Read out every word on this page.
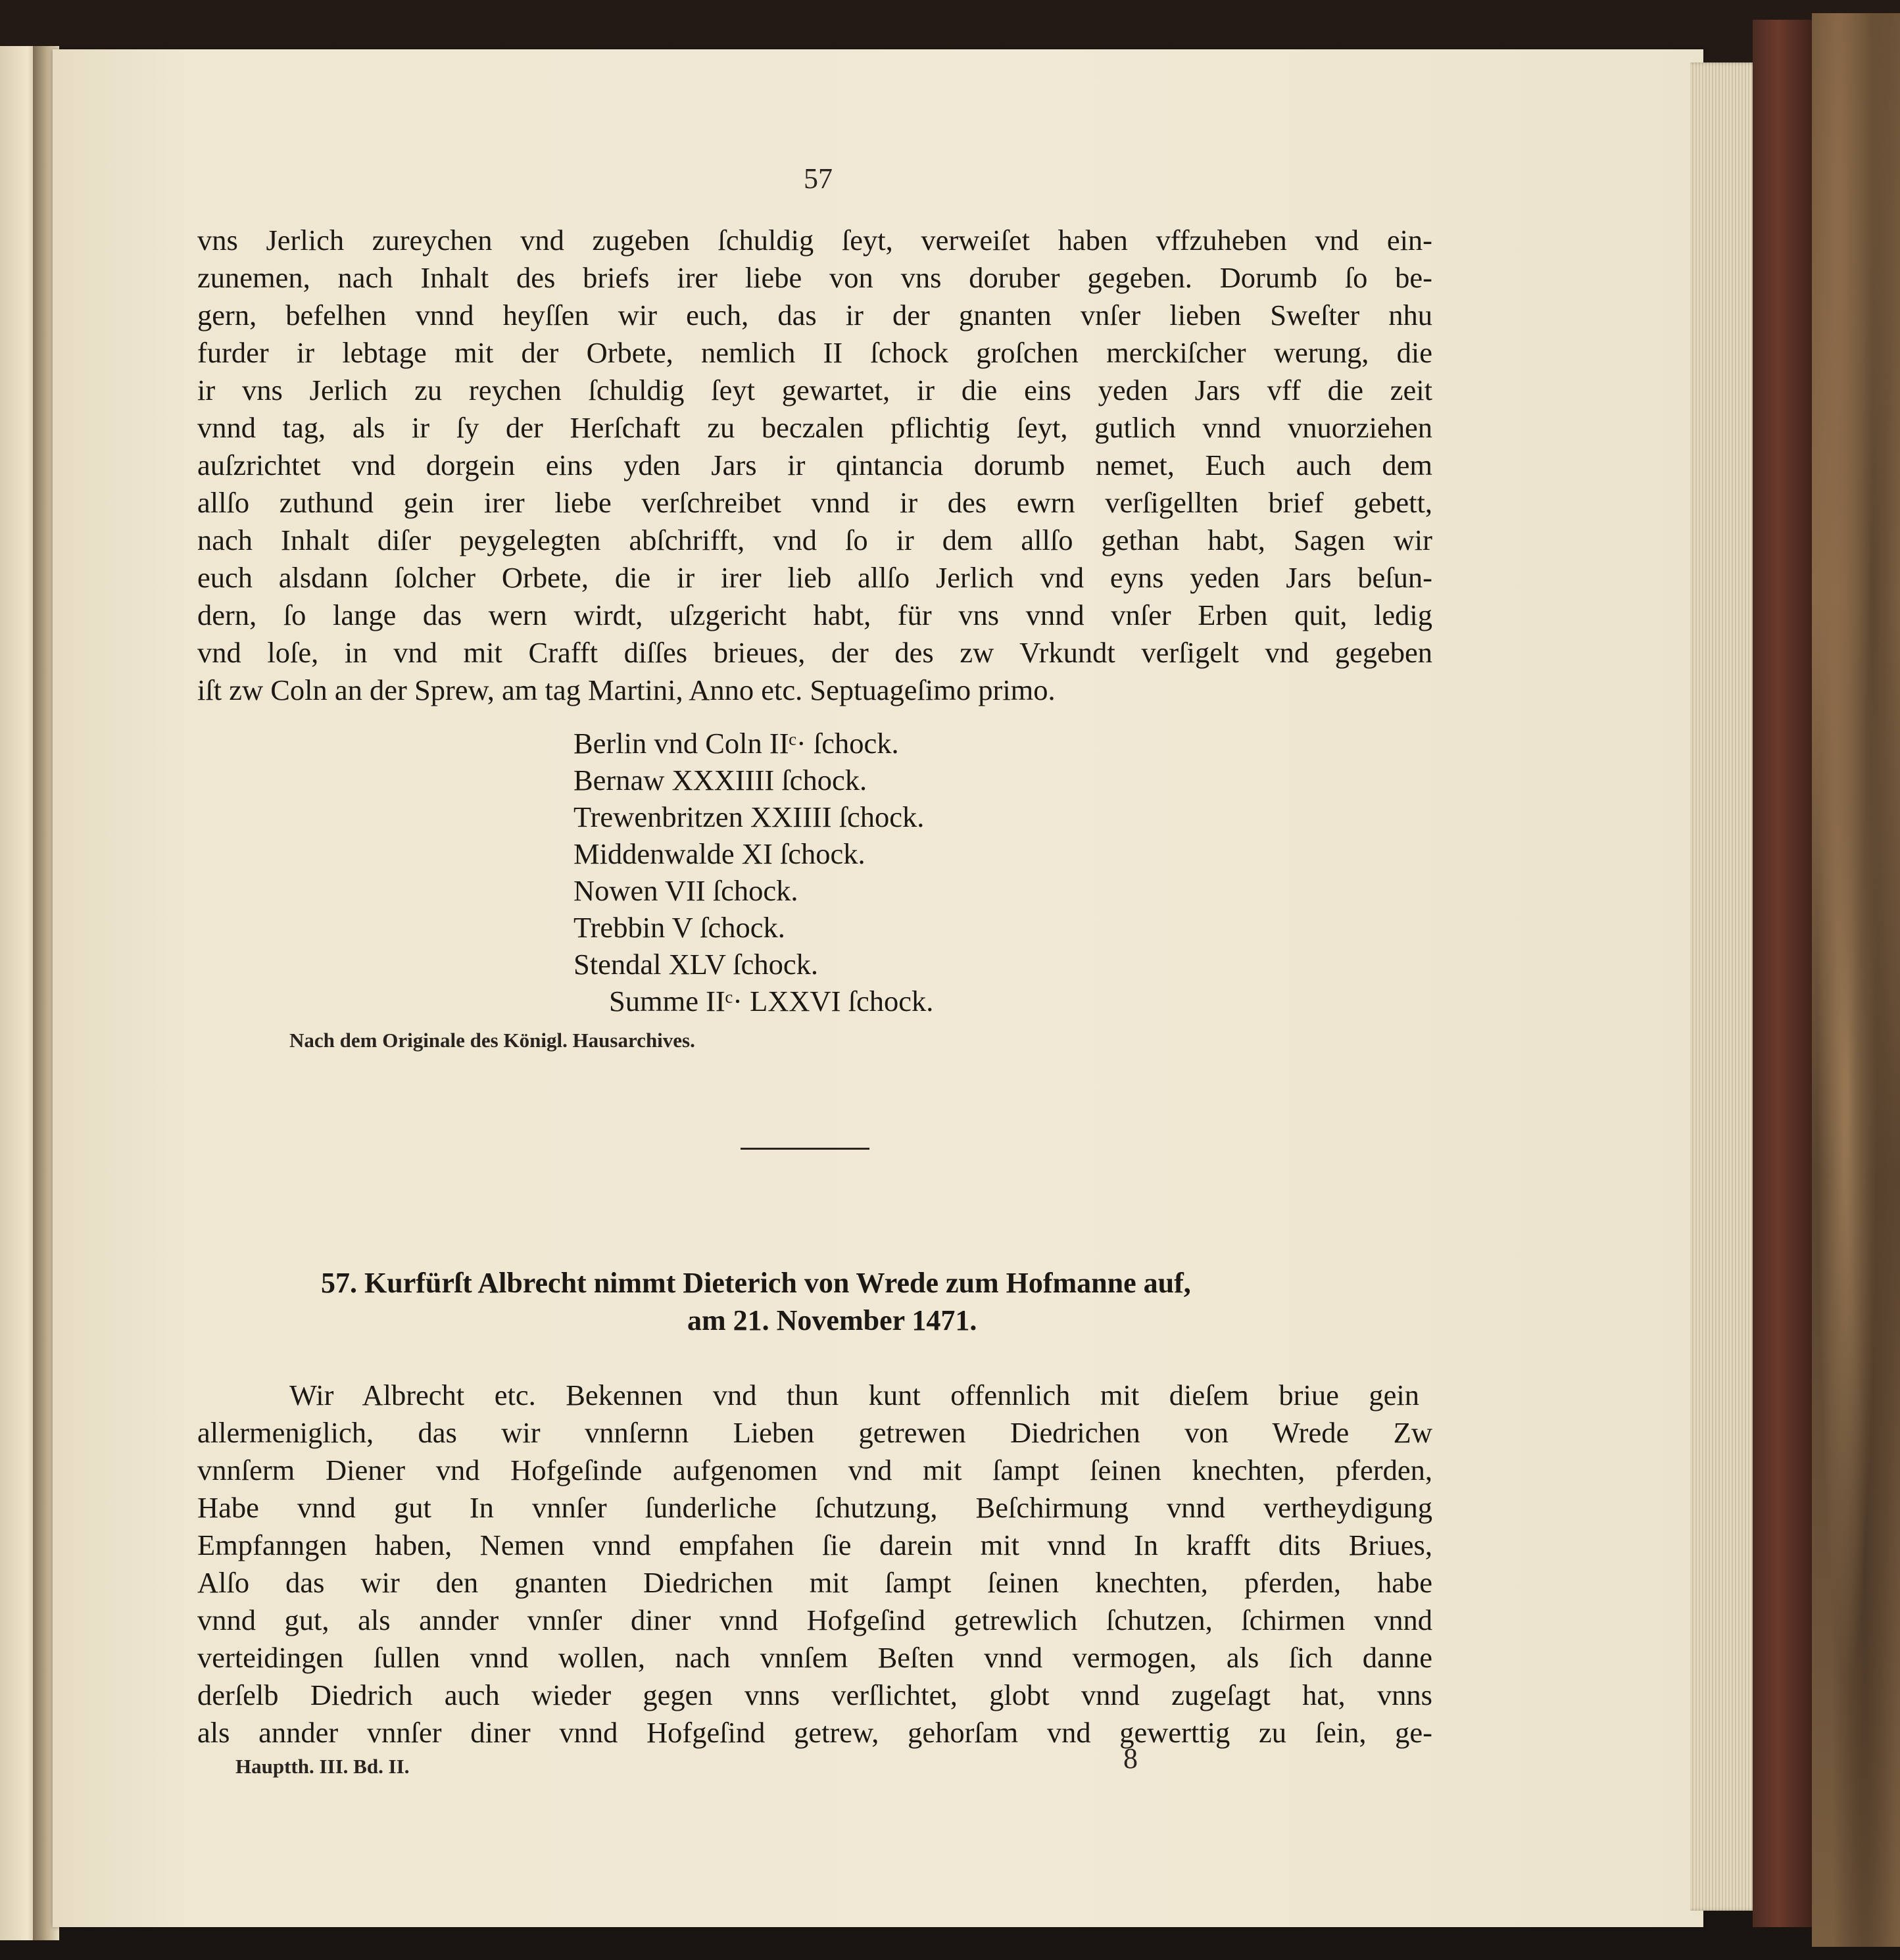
57
vns Jerlich zureychen vnd zugeben ſchuldig ſeyt, verweiſet haben vffzuheben vnd ein-
zunemen, nach Inhalt des briefs irer liebe von vns doruber gegeben. Dorumb ſo be-
gern, befelhen vnnd heyſſen wir euch, das ir der gnanten vnſer lieben Sweſter nhu
furder ir lebtage mit der Orbete, nemlich II ſchock groſchen merckiſcher werung, die
ir vns Jerlich zu reychen ſchuldig ſeyt gewartet, ir die eins yeden Jars vff die zeit
vnnd tag, als ir ſy der Herſchaft zu beczalen pflichtig ſeyt, gutlich vnnd vnuorziehen
auſzrichtet vnd dorgein eins yden Jars ir qintancia dorumb nemet, Euch auch dem
allſo zuthund gein irer liebe verſchreibet vnnd ir des ewrn verſigellten brief gebett,
nach Inhalt diſer peygelegten abſchrifft, vnd ſo ir dem allſo gethan habt, Sagen wir
euch alsdann ſolcher Orbete, die ir irer lieb allſo Jerlich vnd eyns yeden Jars beſun-
dern, ſo lange das wern wirdt, uſzgericht habt, für vns vnnd vnſer Erben quit, ledig
vnd loſe, in vnd mit Crafft diſſes brieues, der des zw Vrkundt verſigelt vnd gegeben
iſt zw Coln an der Sprew, am tag Martini, Anno etc. Septuageſimo primo.
Berlin vnd Coln IIᶜ· ſchock.
Bernaw XXXIIII ſchock.
Trewenbritzen XXIIII ſchock.
Middenwalde XI ſchock.
Nowen VII ſchock.
Trebbin V ſchock.
Stendal XLV ſchock.
Summe IIᶜ· LXXVI ſchock.
Nach dem Originale des Königl. Hausarchives.
57. Kurfürſt Albrecht nimmt Dieterich von Wrede zum Hofmanne auf,
am 21. November 1471.
Wir Albrecht etc. Bekennen vnd thun kunt offennlich mit dieſem briue gein
allermeniglich, das wir vnnſernn Lieben getrewen Diedrichen von Wrede Zw
vnnſerm Diener vnd Hofgeſinde aufgenomen vnd mit ſampt ſeinen knechten, pferden,
Habe vnnd gut In vnnſer ſunderliche ſchutzung, Beſchirmung vnnd vertheydigung
Empfanngen haben, Nemen vnnd empfahen ſie darein mit vnnd In krafft dits Briues,
Alſo das wir den gnanten Diedrichen mit ſampt ſeinen knechten, pferden, habe
vnnd gut, als annder vnnſer diner vnnd Hofgeſind getrewlich ſchutzen, ſchirmen vnnd
verteidingen ſullen vnnd wollen, nach vnnſem Beſten vnnd vermogen, als ſich danne
derſelb Diedrich auch wieder gegen vnns verſlichtet, globt vnnd zugeſagt hat, vnns
als annder vnnſer diner vnnd Hofgeſind getrew, gehorſam vnd gewerttig zu ſein, ge-
Hauptth. III. Bd. II.	8
